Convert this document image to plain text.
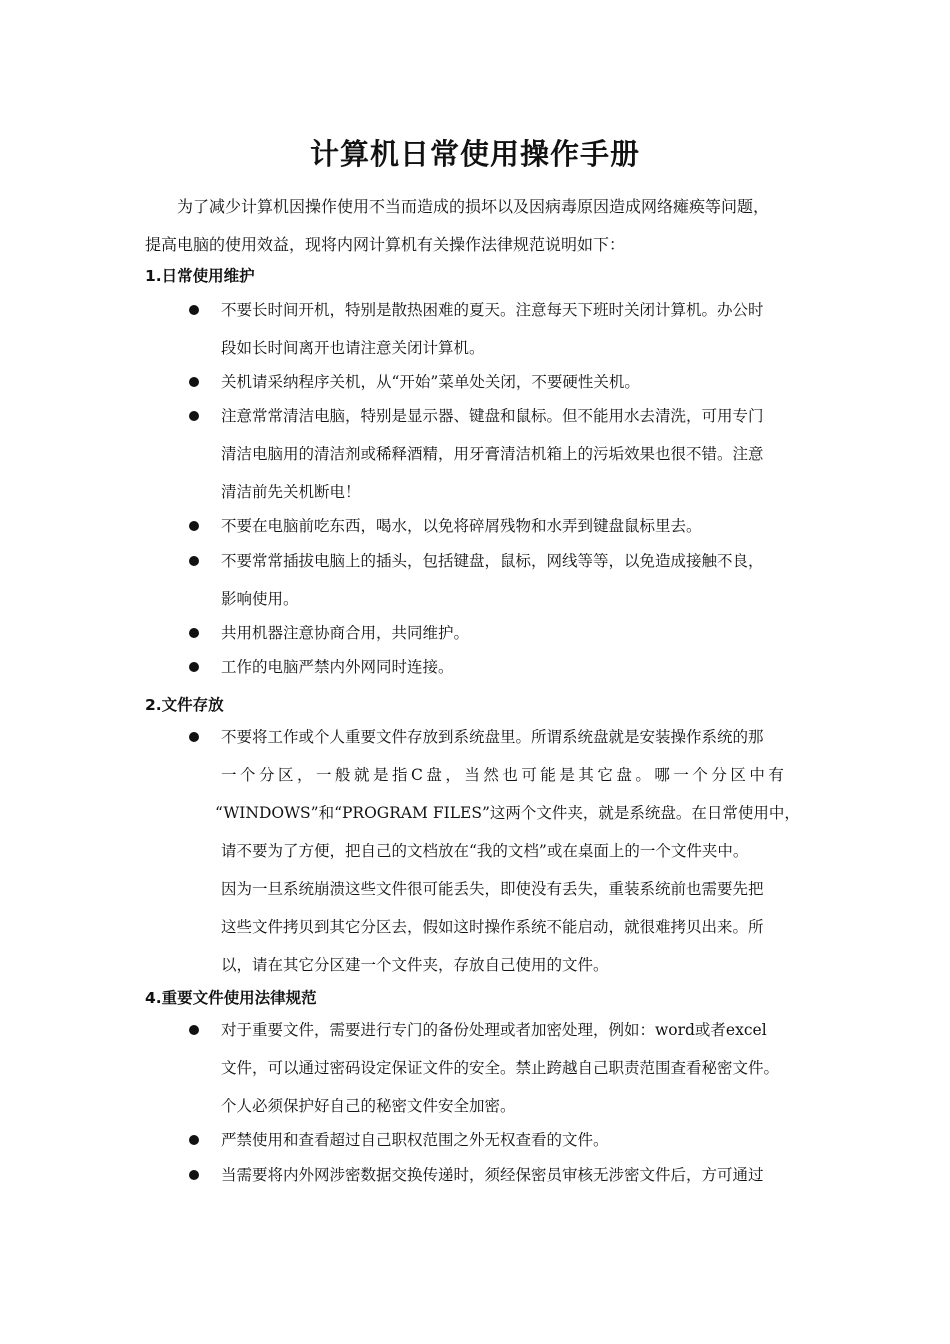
计算机日常使用操作手册
为了减少计算机因操作使用不当而造成的损坏以及因病毒原因造成网络瘫痪等问题，
提高电脑的使用效益，现将内网计算机有关操作法律规范说明如下：
1.日常使用维护
不要长时间开机，特别是散热困难的夏天。注意每天下班时关闭计算机。办公时
段如长时间离开也请注意关闭计算机。
关机请采纳程序关机，从“开始”菜单处关闭，不要硬性关机。
注意常常清洁电脑，特别是显示器、键盘和鼠标。但不能用水去清洗，可用专门
清洁电脑用的清洁剂或稀释酒精，用牙膏清洁机箱上的污垢效果也很不错。注意
清洁前先关机断电！
不要在电脑前吃东西，喝水，以免将碎屑残物和水弄到键盘鼠标里去。
不要常常插拔电脑上的插头，包括键盘，鼠标，网线等等，以免造成接触不良，
影响使用。
共用机器注意协商合用，共同维护。
工作的电脑严禁内外网同时连接。
2.文件存放
不要将工作或个人重要文件存放到系统盘里。所谓系统盘就是安装操作系统的那
一个分区，一般就是指C盘，当然也可能是其它盘。哪一个分区中有
“WINDOWS”和“PROGRAM FILES”这两个文件夹，就是系统盘。在日常使用中，
请不要为了方便，把自己的文档放在“我的文档”或在桌面上的一个文件夹中。
因为一旦系统崩溃这些文件很可能丢失，即使没有丢失，重装系统前也需要先把
这些文件拷贝到其它分区去，假如这时操作系统不能启动，就很难拷贝出来。所
以，请在其它分区建一个文件夹，存放自己使用的文件。
4.重要文件使用法律规范
对于重要文件，需要进行专门的备份处理或者加密处理，例如：word或者excel
文件，可以通过密码设定保证文件的安全。禁止跨越自己职责范围查看秘密文件。
个人必须保护好自己的秘密文件安全加密。
严禁使用和查看超过自己职权范围之外无权查看的文件。
当需要将内外网涉密数据交换传递时，须经保密员审核无涉密文件后，方可通过
